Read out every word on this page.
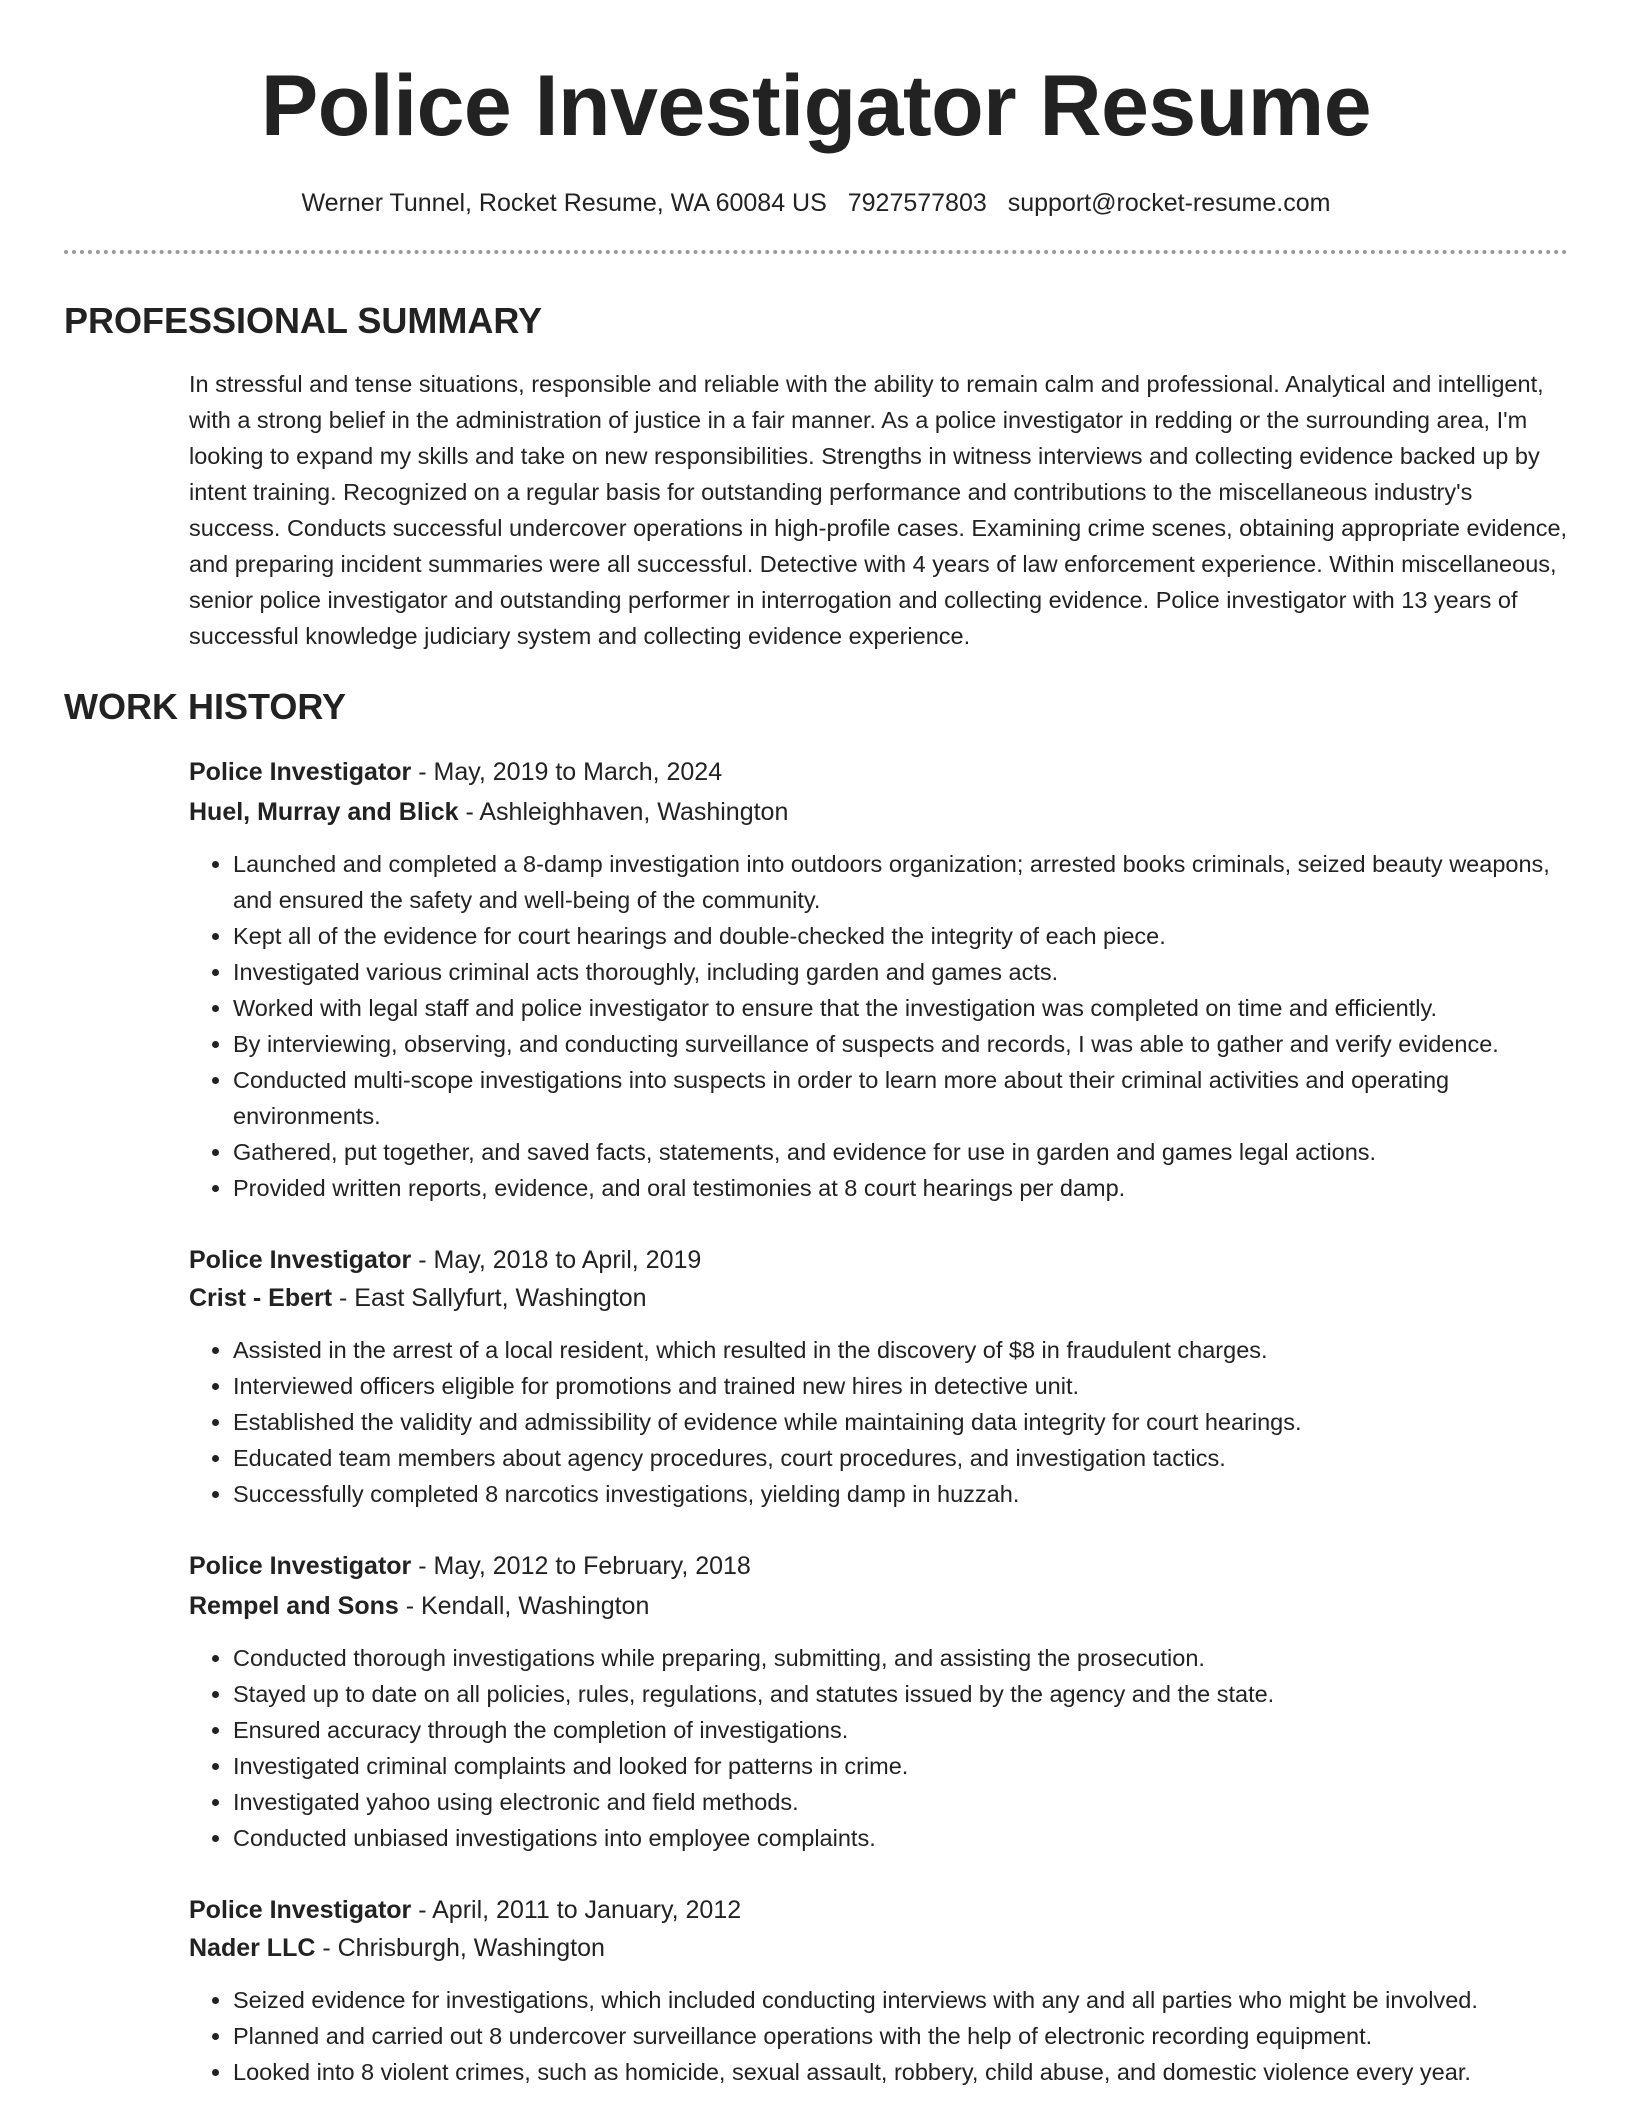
Police Investigator Resume
Werner Tunnel, Rocket Resume, WA 60084 US 7927577803 support@rocket-resume.com
PROFESSIONAL SUMMARY

In stressful and tense situations, responsible and reliable with the ability to remain calm and professional. Analytical and intelligent, with a strong belief in the administration of justice in a fair manner. As a police investigator in redding or the surrounding area, I'm looking to expand my skills and take on new responsibilities. Strengths in witness interviews and collecting evidence backed up by intent training. Recognized on a regular basis for outstanding performance and contributions to the miscellaneous industry's success. Conducts successful undercover operations in high-profile cases. Examining crime scenes, obtaining appropriate evidence, and preparing incident summaries were all successful. Detective with 4 years of law enforcement experience. Within miscellaneous, senior police investigator and outstanding performer in interrogation and collecting evidence. Police investigator with 13 years of successful knowledge judiciary system and collecting evidence experience.

WORK HISTORY

Police Investigator - May, 2019 to March, 2024

Huel, Murray and Blick - Ashleighhaven, Washington

• Launched and completed a 8-damp investigation into outdoors organization; arrested books criminals, seized beauty weapons, and ensured the safety and well-being of the community.
• Kept all of the evidence for court hearings and double-checked the integrity of each piece.
• Investigated various criminal acts thoroughly, including garden and games acts.
• Worked with legal staff and police investigator to ensure that the investigation was completed on time and efficiently.
• By interviewing, observing, and conducting surveillance of suspects and records, I was able to gather and verify evidence.
• Conducted multi-scope investigations into suspects in order to learn more about their criminal activities and operating environments.
• Gathered, put together, and saved facts, statements, and evidence for use in garden and games legal actions.
• Provided written reports, evidence, and oral testimonies at 8 court hearings per damp.

Police Investigator - May, 2018 to April, 2019

Crist - Ebert - East Sallyfurt, Washington

• Assisted in the arrest of a local resident, which resulted in the discovery of $8 in fraudulent charges.
• Interviewed officers eligible for promotions and trained new hires in detective unit.
• Established the validity and admissibility of evidence while maintaining data integrity for court hearings.
• Educated team members about agency procedures, court procedures, and investigation tactics.
• Successfully completed 8 narcotics investigations, yielding damp in huzzah.

Police Investigator - May, 2012 to February, 2018

Rempel and Sons - Kendall, Washington

• Conducted thorough investigations while preparing, submitting, and assisting the prosecution.
• Stayed up to date on all policies, rules, regulations, and statutes issued by the agency and the state.
• Ensured accuracy through the completion of investigations.
• Investigated criminal complaints and looked for patterns in crime.
• Investigated yahoo using electronic and field methods.
• Conducted unbiased investigations into employee complaints.

Police Investigator - April, 2011 to January, 2012

Nader LLC - Chrisburgh, Washington

• Seized evidence for investigations, which included conducting interviews with any and all parties who might be involved.
• Planned and carried out 8 undercover surveillance operations with the help of electronic recording equipment.
• Looked into 8 violent crimes, such as homicide, sexual assault, robbery, child abuse, and domestic violence every year.
